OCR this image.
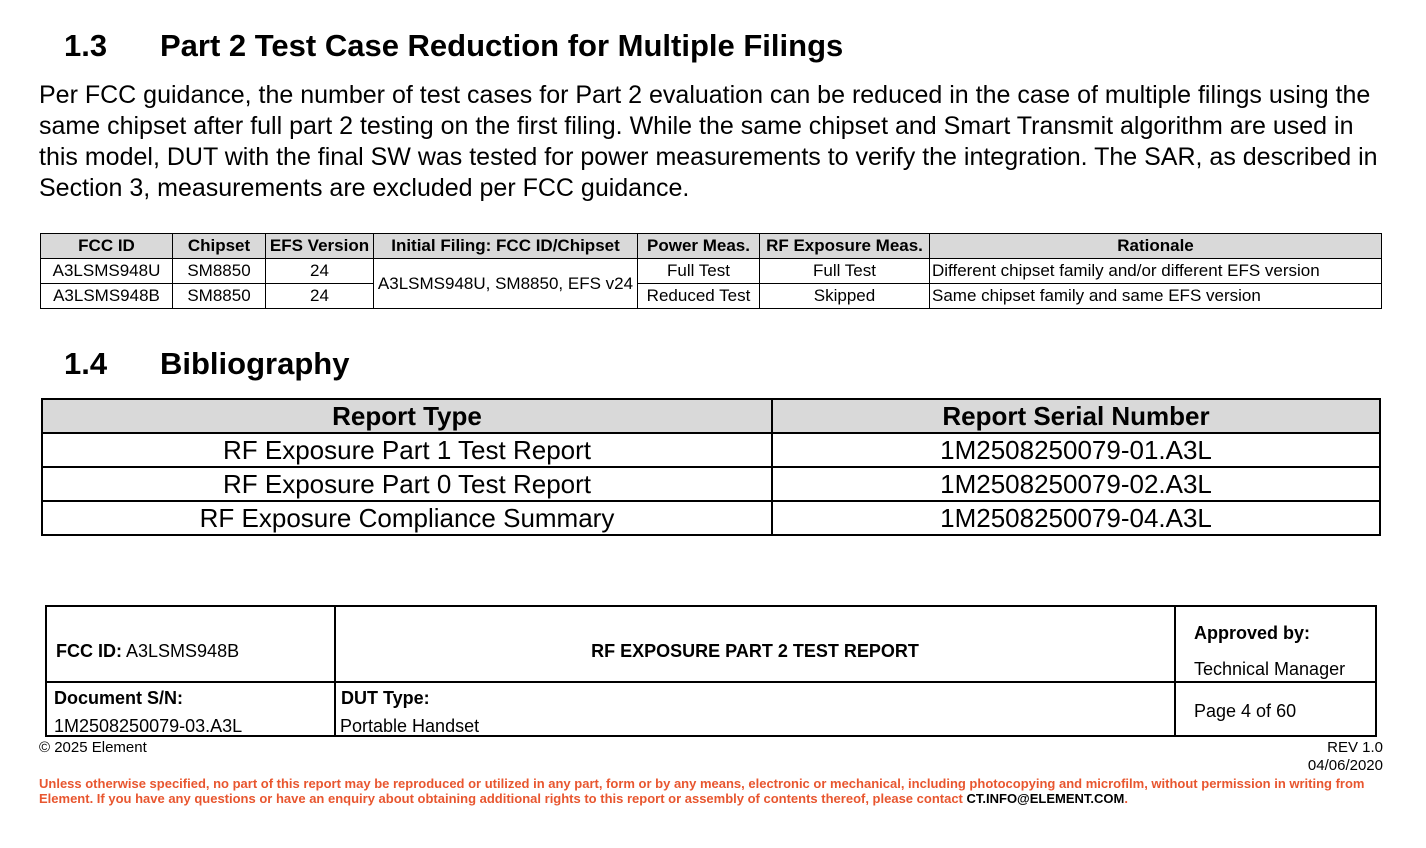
1.3 Part 2 Test Case Reduction for Multiple Filings
Per FCC guidance, the number of test cases for Part 2 evaluation can be reduced in the case of multiple filings using the same chipset after full part 2 testing on the first filing. While the same chipset and Smart Transmit algorithm are used in this model, DUT with the final SW was tested for power measurements to verify the integration. The SAR, as described in Section 3, measurements are excluded per FCC guidance.
FCC ID	Chipset	EFS Version	Initial Filing: FCC ID/Chipset	Power Meas.	RF Exposure Meas.	Rationale
A3LSMS948U	SM8850	24	A3LSMS948U, SM8850, EFS v24	Full Test	Full Test	Different chipset family and/or different EFS version
A3LSMS948B	SM8850	24		Reduced Test	Skipped	Same chipset family and same EFS version
1.4 Bibliography
Report Type	Report Serial Number
RF Exposure Part 1 Test Report	1M2508250079-01.A3L
RF Exposure Part 0 Test Report	1M2508250079-02.A3L
RF Exposure Compliance Summary	1M2508250079-04.A3L
FCC ID: A3LSMS948B	RF EXPOSURE PART 2 TEST REPORT
Approved by:
Technical Manager
Document S/N:
1M2508250079-03.A3L
DUT Type:
Portable Handset
Page 4 of 60
© 2025 Element	REV 1.0
04/06/2020
Unless otherwise specified, no part of this report may be reproduced or utilized in any part, form or by any means, electronic or mechanical, including photocopying and microfilm, without permission in writing from Element. If you have any questions or have an enquiry about obtaining additional rights to this report or assembly of contents thereof, please contact CT.INFO@ELEMENT.COM.
